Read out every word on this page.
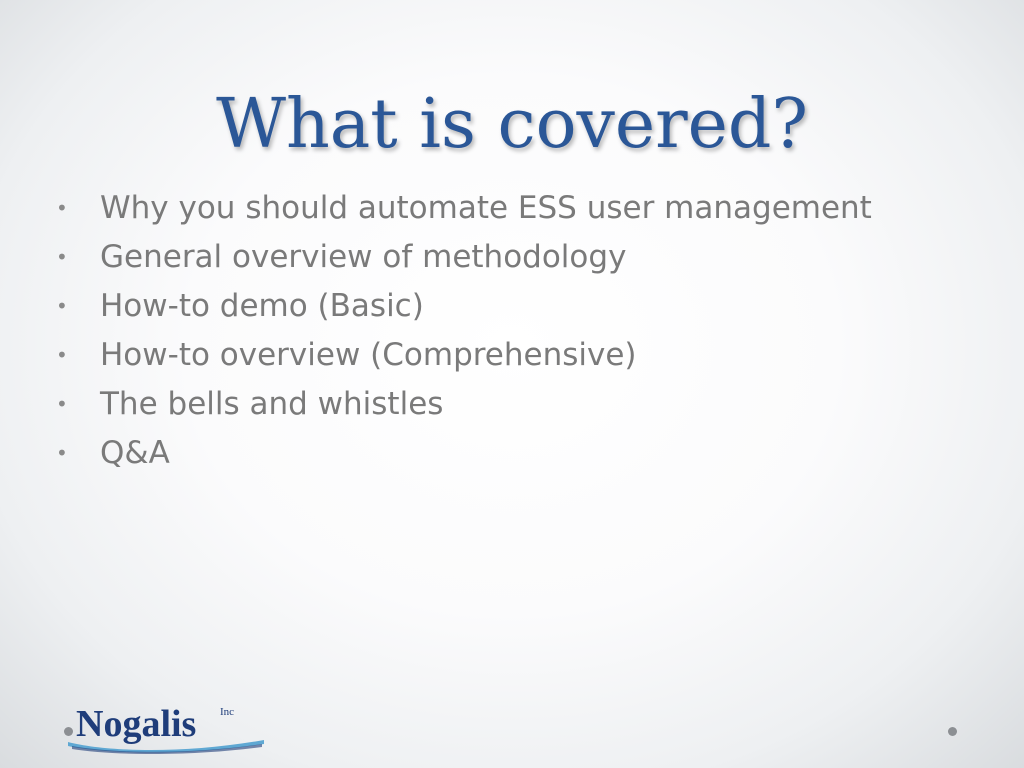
What is covered?
•	Why you should automate ESS user management
•	General overview of methodology
•	How-to demo (Basic)
•	How-to overview (Comprehensive)
•	The bells and whistles
•	Q&A
Nogalis Inc
